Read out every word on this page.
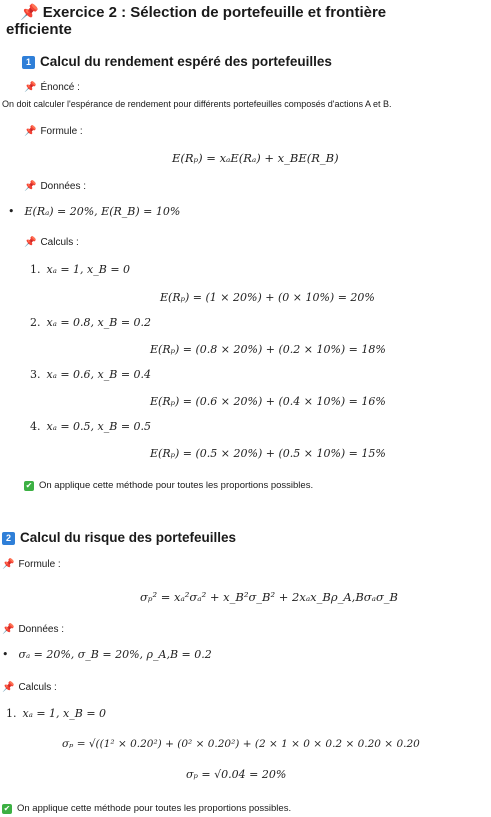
📌 Exercice 2 : Sélection de portefeuille et frontière
efficiente
1 Calcul du rendement espéré des portefeuilles
📌 Énoncé :
On doit calculer l'espérance de rendement pour différents portefeuilles composés d'actions A et B.
📌 Formule :
E(Rₚ) = xₐE(Rₐ) + x_BE(R_B)
📌 Données :
• E(Rₐ) = 20%, E(R_B) = 10%
📌 Calculs :
1. xₐ = 1, x_B = 0
E(Rₚ) = (1 × 20%) + (0 × 10%) = 20%
2. xₐ = 0.8, x_B = 0.2
E(Rₚ) = (0.8 × 20%) + (0.2 × 10%) = 18%
3. xₐ = 0.6, x_B = 0.4
E(Rₚ) = (0.6 × 20%) + (0.4 × 10%) = 16%
4. xₐ = 0.5, x_B = 0.5
E(Rₚ) = (0.5 × 20%) + (0.5 × 10%) = 15%
✔ On applique cette méthode pour toutes les proportions possibles.
2 Calcul du risque des portefeuilles
📌 Formule :
σₚ² = xₐ²σₐ² + x_B²σ_B² + 2xₐx_Bρ_A,Bσₐσ_B
📌 Données :
• σₐ = 20%, σ_B = 20%, ρ_A,B = 0.2
📌 Calculs :
1. xₐ = 1, x_B = 0
σₚ = √((1² × 0.20²) + (0² × 0.20²) + (2 × 1 × 0 × 0.2 × 0.20 × 0.20
σₚ = √0.04 = 20%
✔ On applique cette méthode pour toutes les proportions possibles.
